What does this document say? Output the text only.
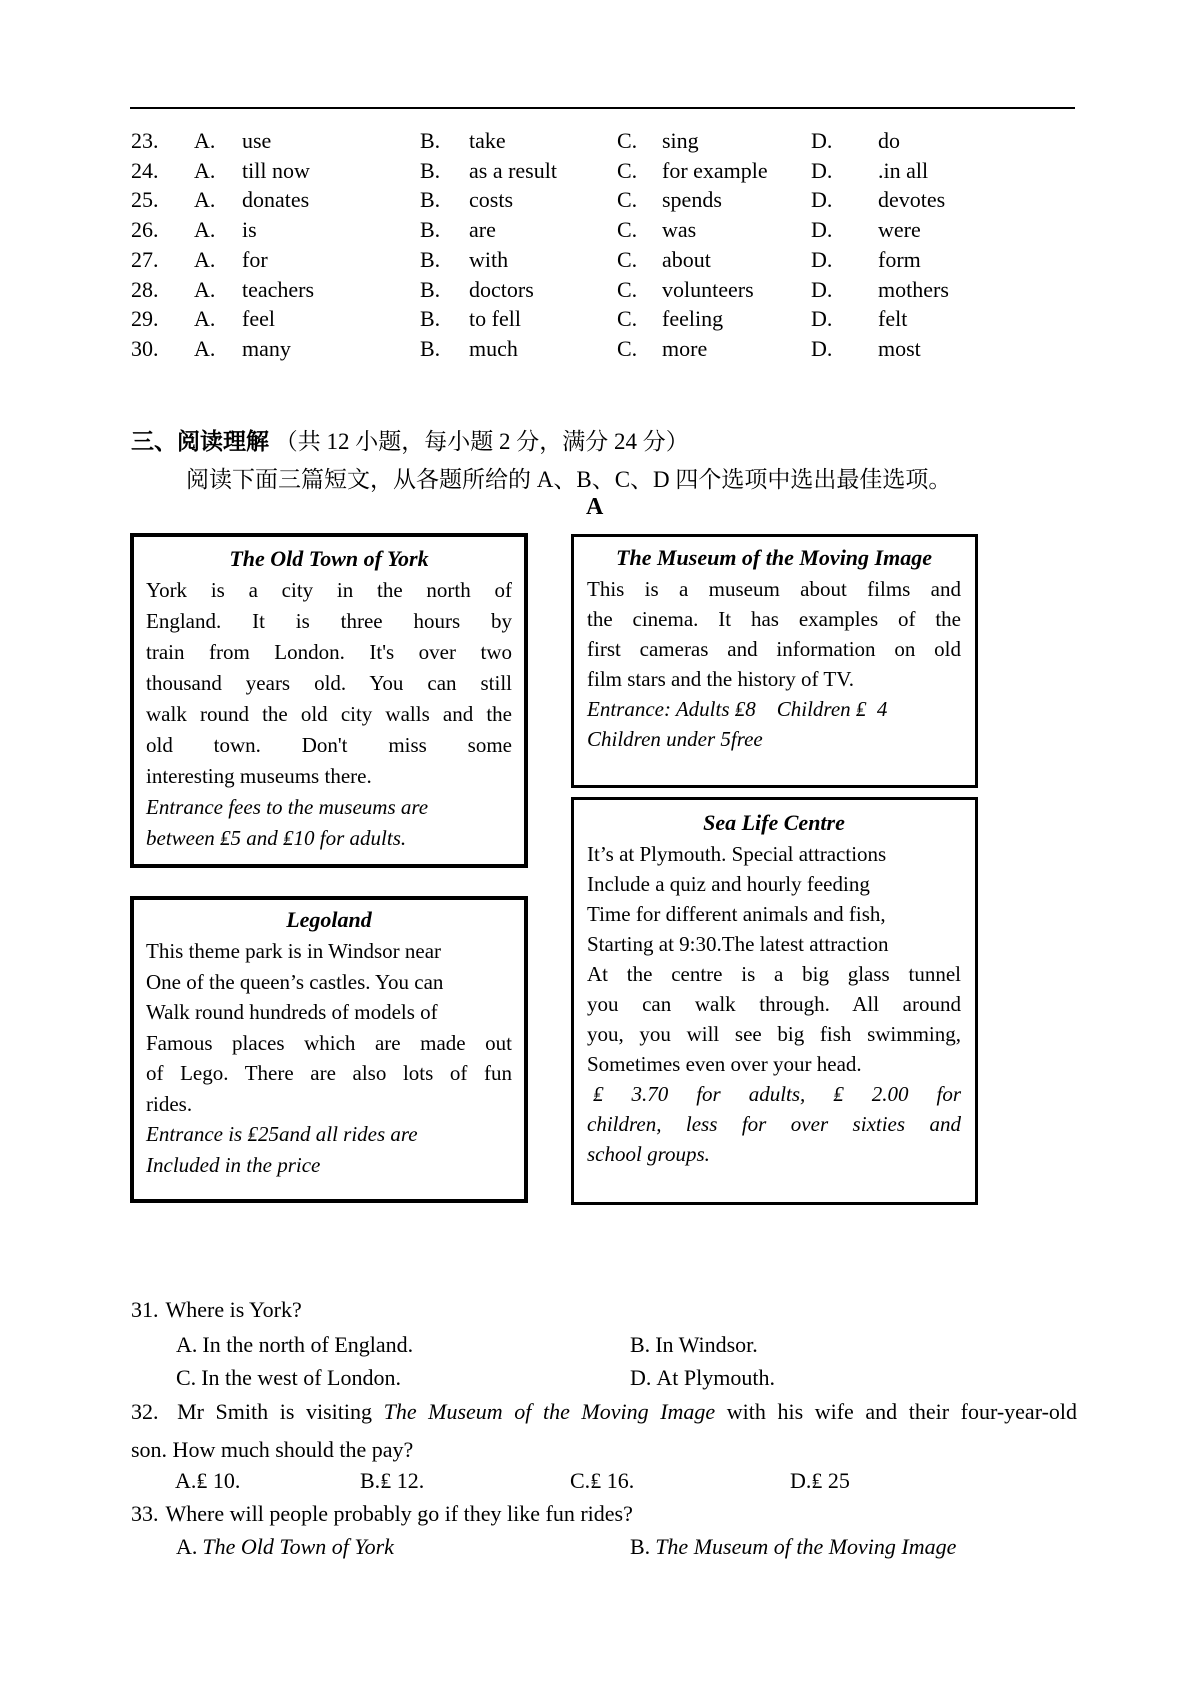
23.	A.	use	B.	take	C.	sing	D.	do
24.	A.	till now	B.	as a result	C.	for example	D.	.in all
25.	A.	donates	B.	costs	C.	spends	D.	devotes
26.	A.	is	B.	are	C.	was	D.	were
27.	A.	for	B.	with	C.	about	D.	form
28.	A.	teachers	B.	doctors	C.	volunteers	D.	mothers
29.	A.	feel	B.	to fell	C.	feeling	D.	felt
30.	A.	many	B.	much	C.	more	D.	most
三、阅读理解 （共 12 小题，每小题 2 分，满分 24 分）
阅读下面三篇短文，从各题所给的 A、B、C、D 四个选项中选出最佳选项。
A
The Old Town of York
York is a city in the north of
England. It is three hours by
train from London. It's over two
thousand years old. You can still
walk round the old city walls and the
old town. Don't miss some
interesting museums there.
Entrance fees to the museums are
between ₤5 and ₤10 for adults.
The Museum of the Moving Image
This is a museum about films and
the cinema. It has examples of the
first cameras and information on old
film stars and the history of TV.
Entrance: Adults ₤8    Children ₤  4
Children under 5free
Sea Life Centre
It’s at Plymouth. Special attractions
Include a quiz and hourly feeding
Time for different animals and fish,
Starting at 9:30.The latest attraction
At the centre is a big glass tunnel
you can walk through. All around
you, you will see big fish swimming,
Sometimes even over your head.
₤ 3.70 for adults, ₤ 2.00 for
children, less for over sixties and
school groups.
Legoland
This theme park is in Windsor near
One of the queen’s castles. You can
Walk round hundreds of models of
Famous places which are made out
of Lego. There are also lots of fun
rides.
Entrance is ₤25and all rides are
Included in the price
31. Where is York?
A. In the north of England.	B. In Windsor.
C. In the west of London.	D. At Plymouth.
32. Mr Smith is visiting The Museum of the Moving Image with his wife and their four-year-old
son. How much should the pay?
A.₤ 10.	B.₤ 12.	C.₤ 16.	D.₤ 25
33. Where will people probably go if they like fun rides?
A. The Old Town of York	B. The Museum of the Moving Image
